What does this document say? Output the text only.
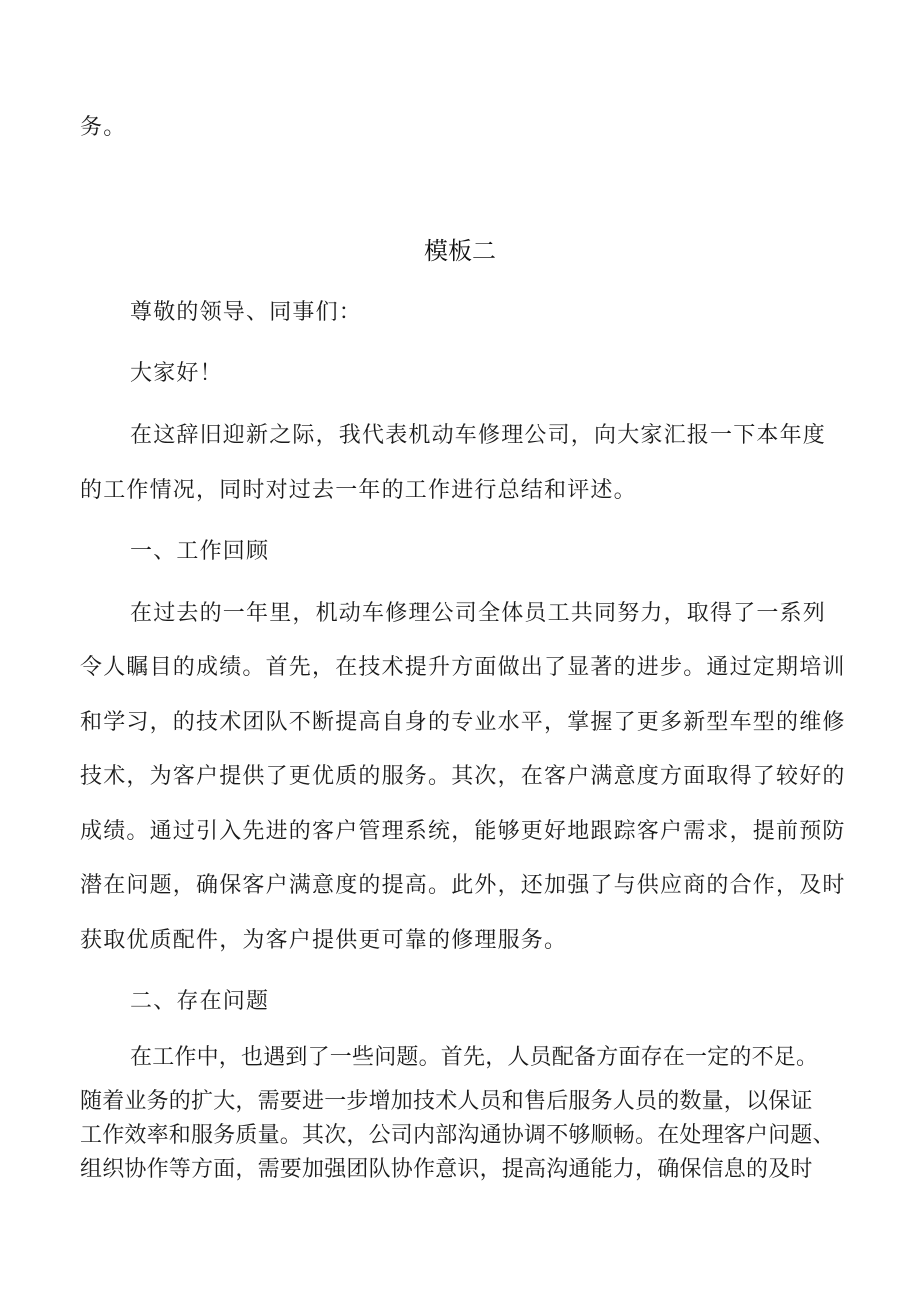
务。
模板二
尊敬的领导、同事们：
大家好！
在这辞旧迎新之际，我代表机动车修理公司，向大家汇报一下本年度
的工作情况，同时对过去一年的工作进行总结和评述。
一、工作回顾
在过去的一年里，机动车修理公司全体员工共同努力，取得了一系列
令人瞩目的成绩。首先，在技术提升方面做出了显著的进步。通过定期培训
和学习，的技术团队不断提高自身的专业水平，掌握了更多新型车型的维修
技术，为客户提供了更优质的服务。其次，在客户满意度方面取得了较好的
成绩。通过引入先进的客户管理系统，能够更好地跟踪客户需求，提前预防
潜在问题，确保客户满意度的提高。此外，还加强了与供应商的合作，及时
获取优质配件，为客户提供更可靠的修理服务。
二、存在问题
在工作中，也遇到了一些问题。首先，人员配备方面存在一定的不足。
随着业务的扩大，需要进一步增加技术人员和售后服务人员的数量，以保证
工作效率和服务质量。其次，公司内部沟通协调不够顺畅。在处理客户问题、
组织协作等方面，需要加强团队协作意识，提高沟通能力，确保信息的及时
